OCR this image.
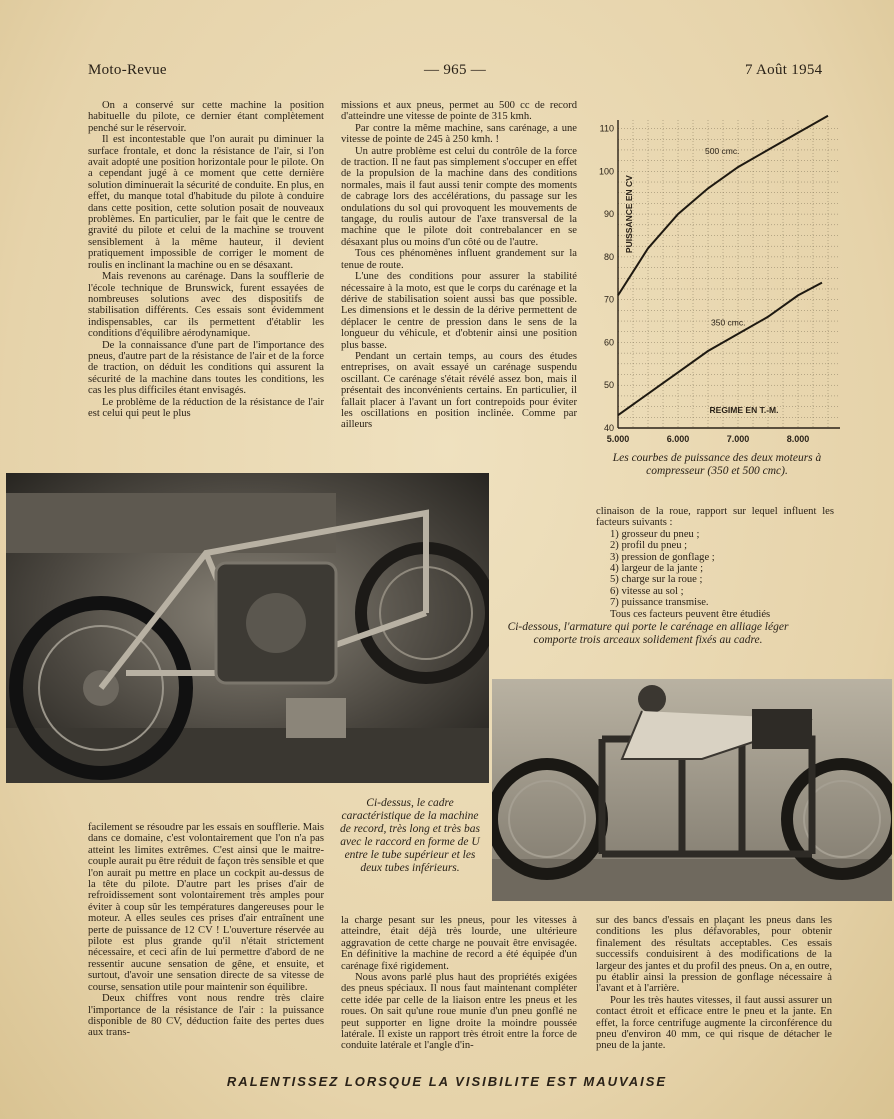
Moto-Revue	— 965 —	7 Août 1954

On a conservé sur cette machine la position habituelle du pilote, ce dernier étant complètement penché sur le réservoir.

Il est incontestable que l'on aurait pu diminuer la surface frontale, et donc la résistance de l'air, si l'on avait adopté une position horizontale pour le pilote. On a cependant jugé à ce moment que cette dernière solution diminuerait la sécurité de conduite. En plus, en effet, du manque total d'habitude du pilote à conduire dans cette position, cette solution posait de nouveaux problèmes. En particulier, par le fait que le centre de gravité du pilote et celui de la machine se trouvent sensiblement à la même hauteur, il devient pratiquement impossible de corriger le moment de roulis en inclinant la machine ou en se désaxant.

Mais revenons au carénage. Dans la soufflerie de l'école technique de Brunswick, furent essayées de nombreuses solutions avec des dispositifs de stabilisation différents. Ces essais sont évidemment indispensables, car ils permettent d'établir les conditions d'équilibre aérodynamique.

De la connaissance d'une part de l'importance des pneus, d'autre part de la résistance de l'air et de la force de traction, on déduit les conditions qui assurent la sécurité de la machine dans toutes les conditions, les cas les plus difficiles étant envisagés.

Le problème de la réduction de la résistance de l'air est celui qui peut le plus

missions et aux pneus, permet au 500 cc de record d'atteindre une vitesse de pointe de 315 kmh.

Par contre la même machine, sans carénage, a une vitesse de pointe de 245 à 250 kmh. !

Un autre problème est celui du contrôle de la force de traction. Il ne faut pas simplement s'occuper en effet de la propulsion de la machine dans des conditions normales, mais il faut aussi tenir compte des moments de cabrage lors des accélérations, du passage sur les ondulations du sol qui provoquent les mouvements de tangage, du roulis autour de l'axe transversal de la machine que le pilote doit contrebalancer en se désaxant plus ou moins d'un côté ou de l'autre.

Tous ces phénomènes influent grandement sur la tenue de route.

L'une des conditions pour assurer la stabilité nécessaire à la moto, est que le corps du carénage et la dérive de stabilisation soient aussi bas que possible. Les dimensions et le dessin de la dérive permettent de déplacer le centre de pression dans le sens de la longueur du véhicule, et d'obtenir ainsi une position plus basse.

Pendant un certain temps, au cours des études entreprises, on avait essayé un carénage suspendu oscillant. Ce carénage s'était révélé assez bon, mais il présentait des inconvénients certains. En particulier, il fallait placer à l'avant un fort contrepoids pour éviter les oscillations en position inclinée. Comme par ailleurs	40
50
60
70
80
90
100
110
5.000	6.000	7.000	8.000
500 cmc.
350 cmc.
PUISSANCE EN CV
REGIME EN T.-M.
Les courbes de puissance des deux moteurs à compresseur (350 et 500 cmc).

clinaison de la roue, rapport sur lequel influent les facteurs suivants :

1) grosseur du pneu ;
2) profil du pneu ;
3) pression de gonflage ;
4) largeur de la jante ;
5) charge sur la roue ;
6) vitesse au sol ;
7) puissance transmise.

Tous ces facteurs peuvent être étudiés

Ci-dessous, l'armature qui porte le carénage en alliage léger comporte trois arceaux solidement fixés au cadre.
Ci-dessus, le cadre caractéristique de la machine de record, très long et très bas avec le raccord en forme de U entre le tube supérieur et les deux tubes inférieurs.

facilement se résoudre par les essais en soufflerie. Mais dans ce domaine, c'est volontairement que l'on n'a pas atteint les limites extrêmes. C'est ainsi que le maitre-couple aurait pu être réduit de façon très sensible et que l'on aurait pu mettre en place un cockpit au-dessus de la tête du pilote. D'autre part les prises d'air de refroidissement sont volontairement très amples pour éviter à coup sûr les températures dangereuses pour le moteur. A elles seules ces prises d'air entraînent une perte de puissance de 12 CV ! L'ouverture réservée au pilote est plus grande qu'il n'était strictement nécessaire, et ceci afin de lui permettre d'abord de ne ressentir aucune sensation de gêne, et ensuite, et surtout, d'avoir une sensation directe de sa vitesse de course, sensation utile pour maintenir son équilibre.

Deux chiffres vont nous rendre très claire l'importance de la résistance de l'air : la puissance disponible de 80 CV, déduction faite des pertes dues aux trans-

la charge pesant sur les pneus, pour les vitesses à atteindre, était déjà très lourde, une ultérieure aggravation de cette charge ne pouvait être envisagée. En définitive la machine de record a été équipée d'un carénage fixé rigidement.

Nous avons parlé plus haut des propriétés exigées des pneus spéciaux. Il nous faut maintenant compléter cette idée par celle de la liaison entre les pneus et les roues. On sait qu'une roue munie d'un pneu gonflé ne peut supporter en ligne droite la moindre poussée latérale. Il existe un rapport très étroit entre la force de conduite latérale et l'angle d'in-

sur des bancs d'essais en plaçant les pneus dans les conditions les plus défavorables, pour obtenir finalement des résultats acceptables. Ces essais successifs conduisirent à des modifications de la largeur des jantes et du profil des pneus. On a, en outre, pu établir ainsi la pression de gonflage nécessaire à l'avant et à l'arrière.

Pour les très hautes vitesses, il faut aussi assurer un contact étroit et efficace entre le pneu et la jante. En effet, la force centrifuge augmente la circonférence du pneu d'environ 40 mm, ce qui risque de détacher le pneu de la jante.

RALENTISSEZ LORSQUE LA VISIBILITE EST MAUVAISE
